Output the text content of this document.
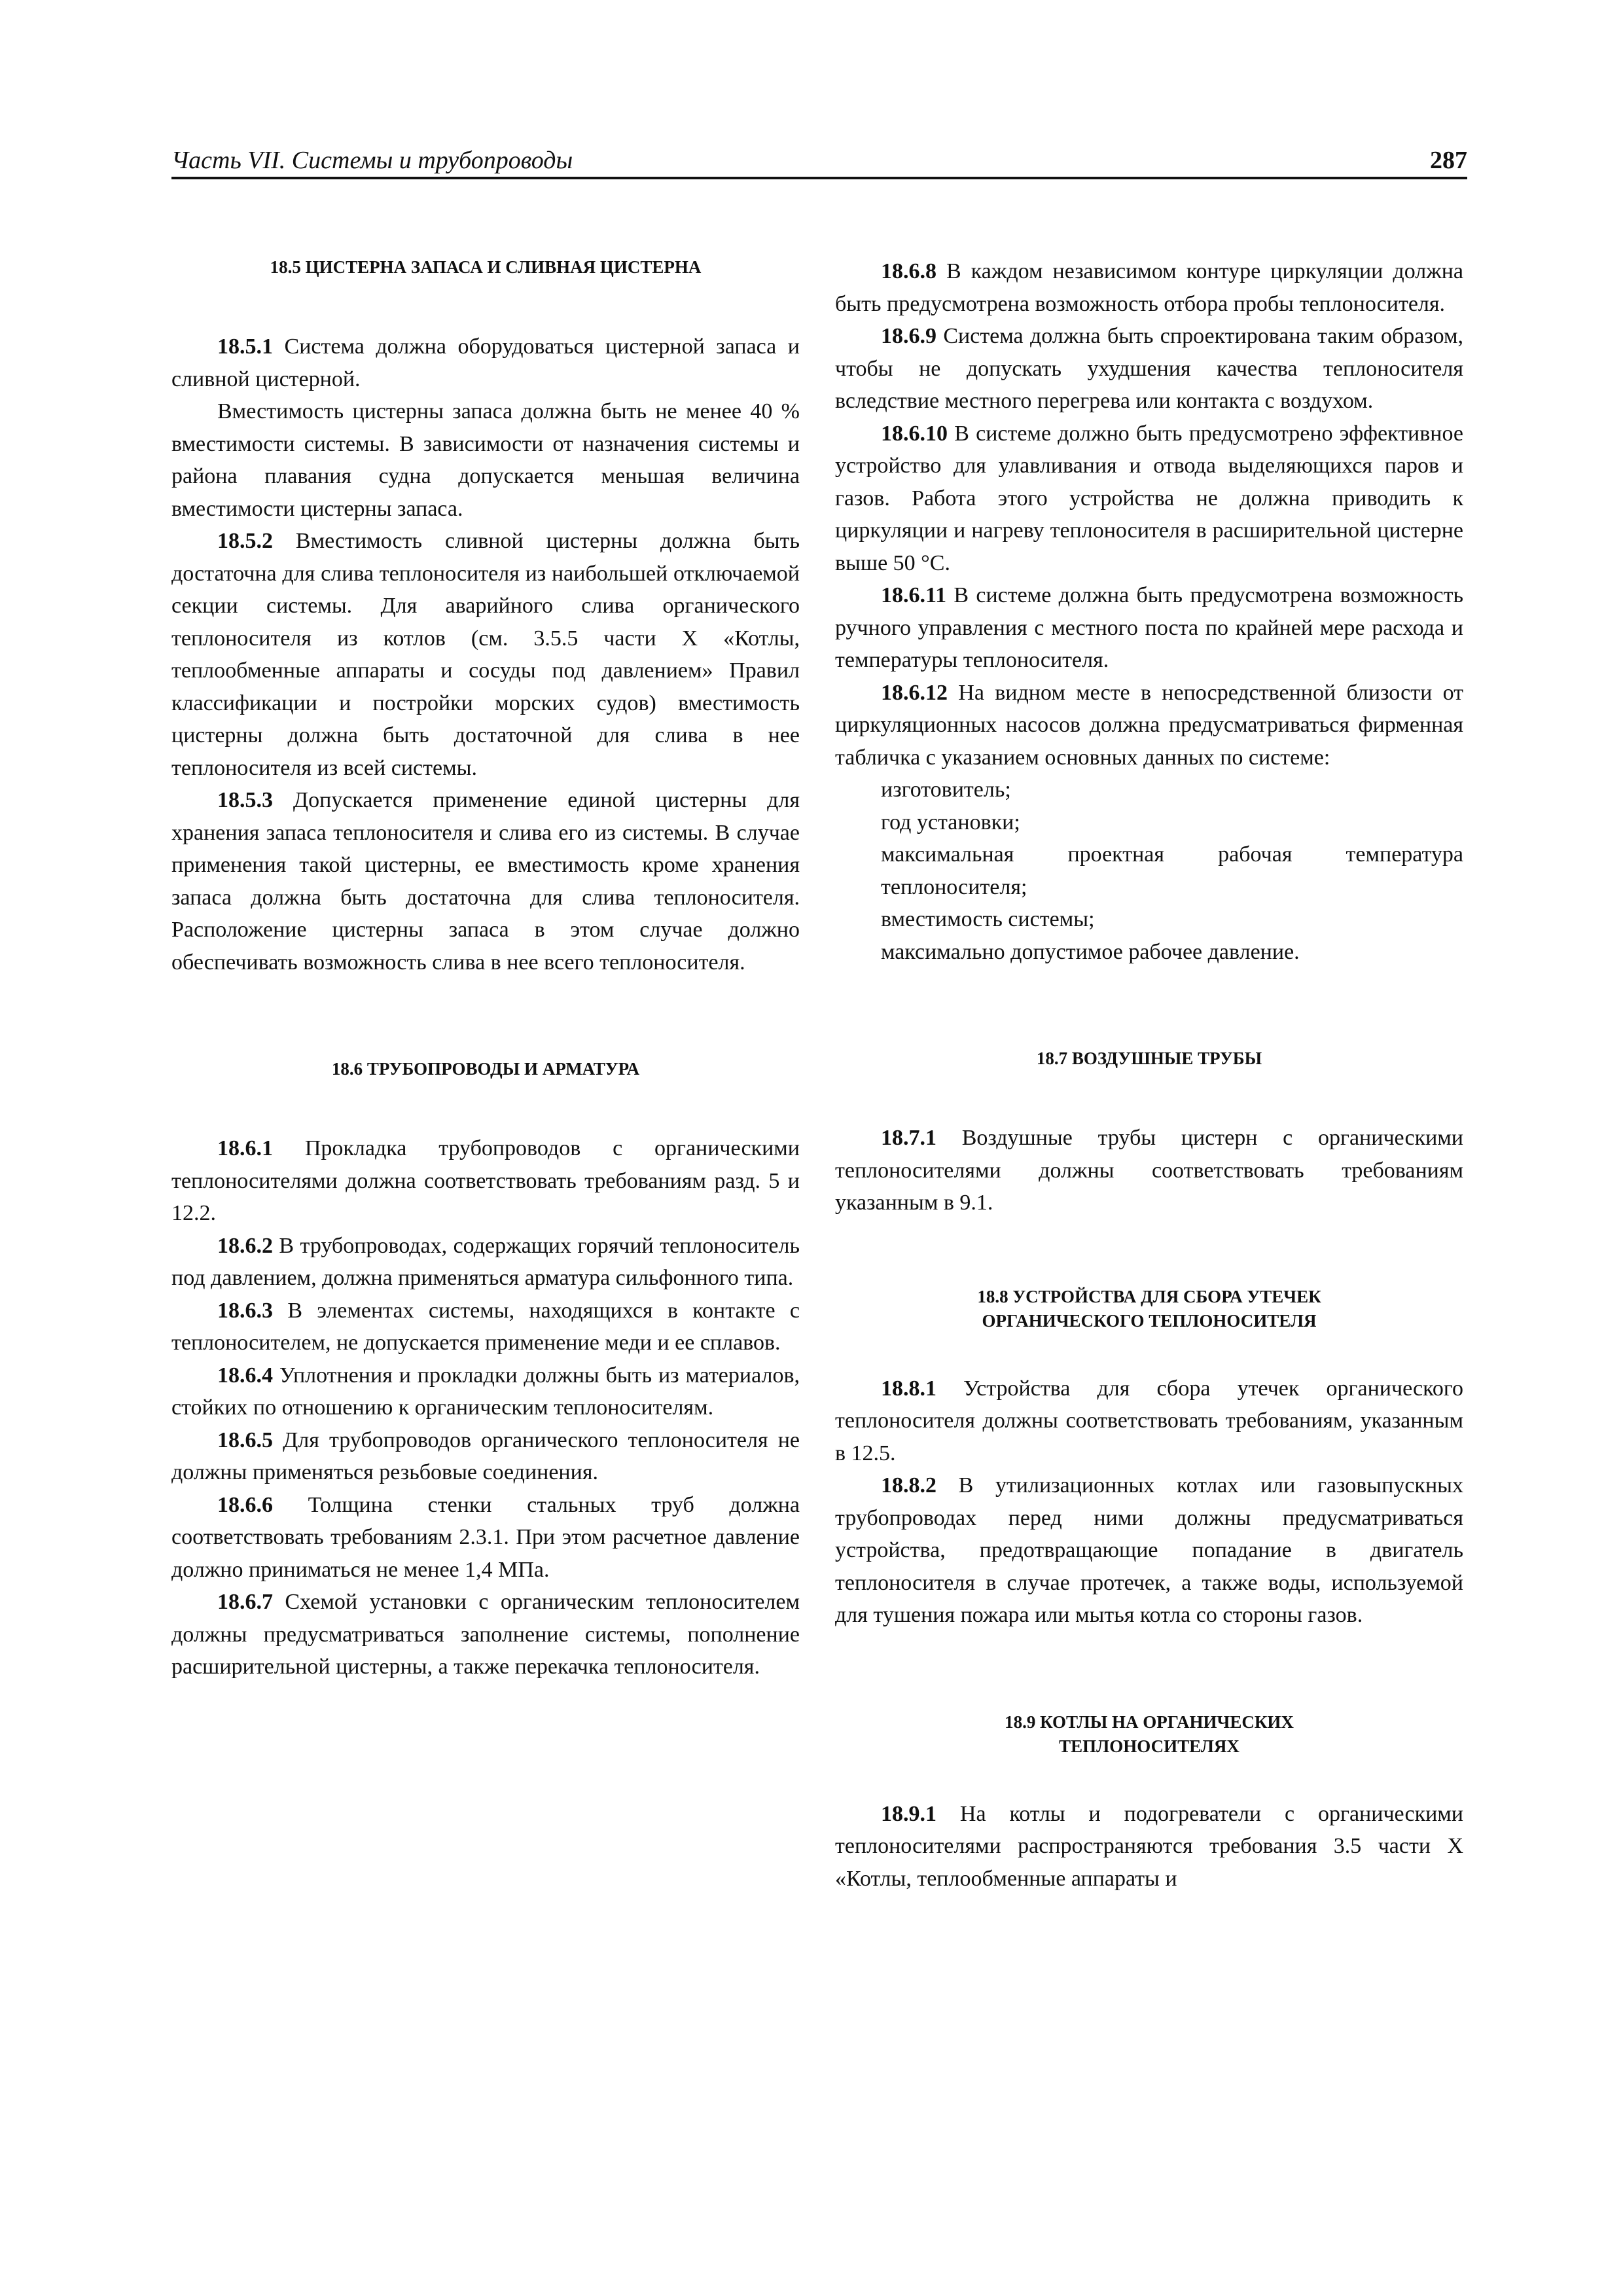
Часть VII. Системы и трубопроводы	287
18.5 ЦИСТЕРНА ЗАПАСА И СЛИВНАЯ ЦИСТЕРНА

18.5.1 Система должна оборудоваться цистерной запаса и сливной цистерной.

Вместимость цистерны запаса должна быть не менее 40 % вместимости системы. В зависимости от назначения системы и района плавания судна допускается меньшая величина вместимости цистерны запаса.

18.5.2 Вместимость сливной цистерны должна быть достаточна для слива теплоносителя из наибольшей отключаемой секции системы. Для аварийного слива органического теплоносителя из котлов (см. 3.5.5 части X «Котлы, теплообменные аппараты и сосуды под давлением» Правил классификации и постройки морских судов) вместимость цистерны должна быть достаточной для слива в нее теплоносителя из всей системы.

18.5.3 Допускается применение единой цистерны для хранения запаса теплоносителя и слива его из системы. В случае применения такой цистерны, ее вместимость кроме хранения запаса должна быть достаточна для слива теплоносителя. Расположение цистерны запаса в этом случае должно обеспечивать возможность слива в нее всего теплоносителя.

18.6 ТРУБОПРОВОДЫ И АРМАТУРА

18.6.1 Прокладка трубопроводов с органическими теплоносителями должна соответствовать требованиям разд. 5 и 12.2.

18.6.2 В трубопроводах, содержащих горячий теплоноситель под давлением, должна применяться арматура сильфонного типа.

18.6.3 В элементах системы, находящихся в контакте с теплоносителем, не допускается применение меди и ее сплавов.

18.6.4 Уплотнения и прокладки должны быть из материалов, стойких по отношению к органическим теплоносителям.

18.6.5 Для трубопроводов органического теплоносителя не должны применяться резьбовые соединения.

18.6.6 Толщина стенки стальных труб должна соответствовать требованиям 2.3.1. При этом расчетное давление должно приниматься не менее 1,4 МПа.

18.6.7 Схемой установки с органическим теплоносителем должны предусматриваться заполнение системы, пополнение расширительной цистерны, а также перекачка теплоносителя.

18.6.8 В каждом независимом контуре циркуляции должна быть предусмотрена возможность отбора пробы теплоносителя.

18.6.9 Система должна быть спроектирована таким образом, чтобы не допускать ухудшения качества теплоносителя вследствие местного перегрева или контакта с воздухом.

18.6.10 В системе должно быть предусмотрено эффективное устройство для улавливания и отвода выделяющихся паров и газов. Работа этого устройства не должна приводить к циркуляции и нагреву теплоносителя в расширительной цистерне выше 50 °С.

18.6.11 В системе должна быть предусмотрена возможность ручного управления с местного поста по крайней мере расхода и температуры теплоносителя.

18.6.12 На видном месте в непосредственной близости от циркуляционных насосов должна предусматриваться фирменная табличка с указанием основных данных по системе:

изготовитель;

год установки;

максимальная проектная рабочая температура теплоносителя;

вместимость системы;

максимально допустимое рабочее давление.

18.7 ВОЗДУШНЫЕ ТРУБЫ

18.7.1 Воздушные трубы цистерн с органическими теплоносителями должны соответствовать требованиям указанным в 9.1.

18.8 УСТРОЙСТВА ДЛЯ СБОРА УТЕЧЕК
ОРГАНИЧЕСКОГО ТЕПЛОНОСИТЕЛЯ

18.8.1 Устройства для сбора утечек органического теплоносителя должны соответствовать требованиям, указанным в 12.5.

18.8.2 В утилизационных котлах или газовыпускных трубопроводах перед ними должны предусматриваться устройства, предотвращающие попадание в двигатель теплоносителя в случае протечек, а также воды, используемой для тушения пожара или мытья котла со стороны газов.

18.9 КОТЛЫ НА ОРГАНИЧЕСКИХ
ТЕПЛОНОСИТЕЛЯХ

18.9.1 На котлы и подогреватели с органическими теплоносителями распространяются требования 3.5 части X «Котлы, теплообменные аппараты и
